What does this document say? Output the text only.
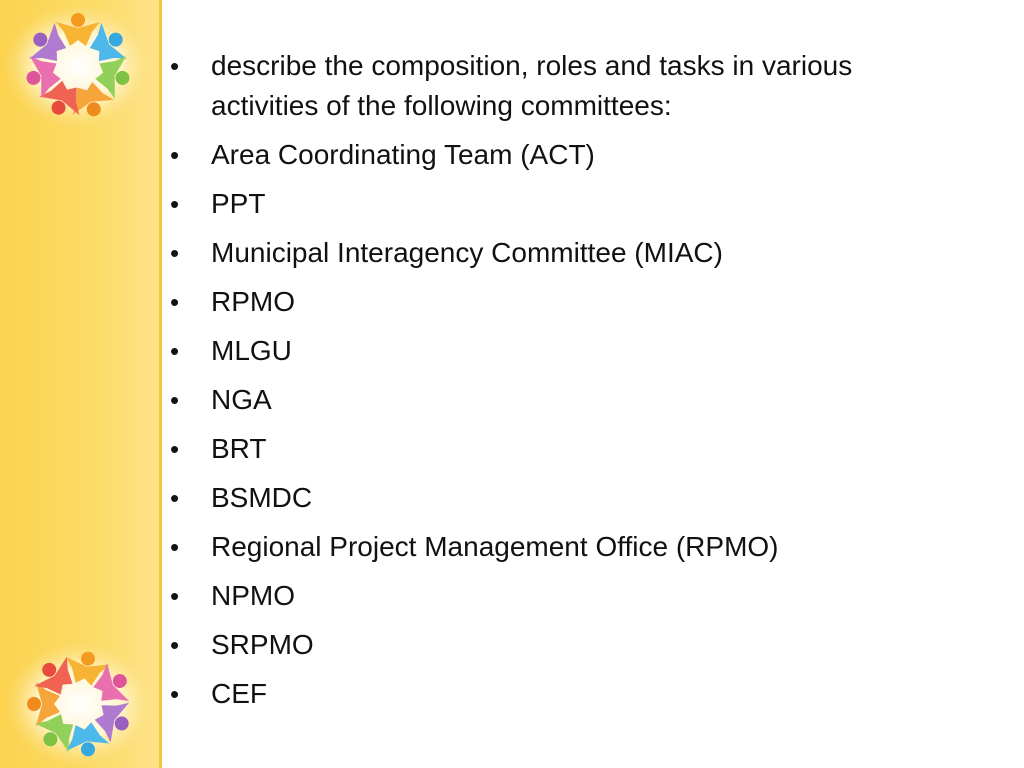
• describe the composition, roles and tasks in various activities of the following committees:
• Area Coordinating Team (ACT)
• PPT
• Municipal Interagency Committee (MIAC)
• RPMO
• MLGU
• NGA
• BRT
• BSMDC
• Regional Project Management Office (RPMO)
• NPMO
• SRPMO
• CEF
